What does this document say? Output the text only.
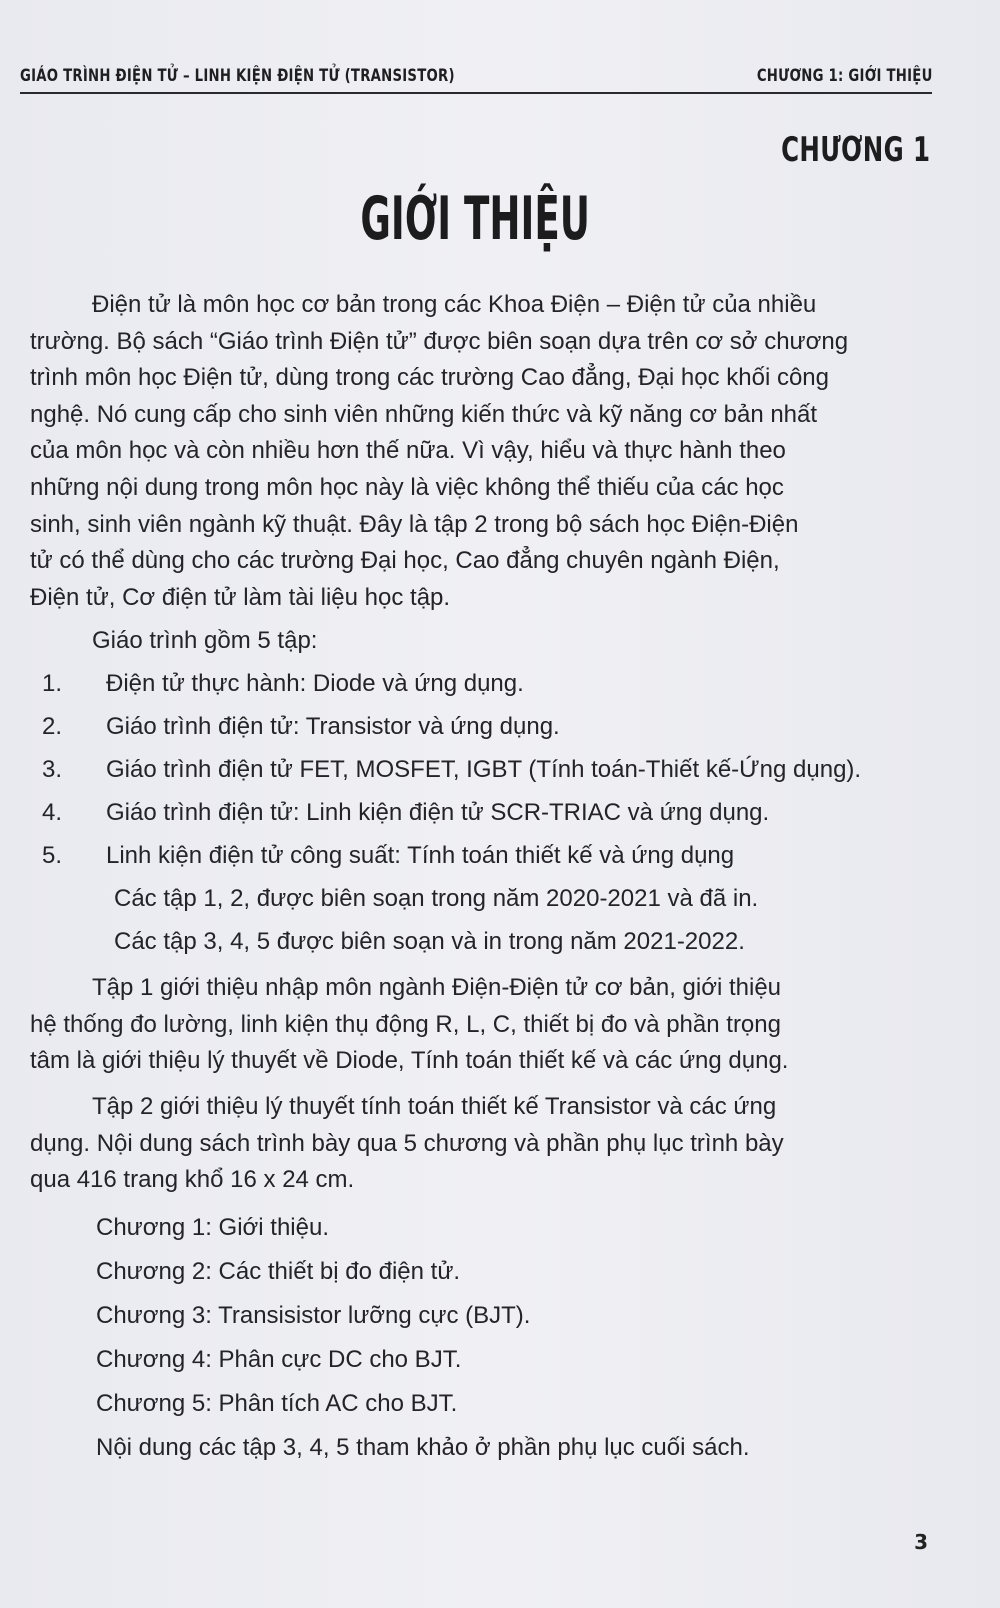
GIÁO TRÌNH ĐIỆN TỬ – LINH KIỆN ĐIỆN TỬ (TRANSISTOR)	CHƯƠNG 1: GIỚI THIỆU
CHƯƠNG 1
GIỚI THIỆU
Điện tử là môn học cơ bản trong các Khoa Điện – Điện tử của nhiều
trường. Bộ sách “Giáo trình Điện tử” được biên soạn dựa trên cơ sở chương
trình môn học Điện tử, dùng trong các trường Cao đẳng, Đại học khối công
nghệ. Nó cung cấp cho sinh viên những kiến thức và kỹ năng cơ bản nhất
của môn học và còn nhiều hơn thế nữa. Vì vậy, hiểu và thực hành theo
những nội dung trong môn học này là việc không thể thiếu của các học
sinh, sinh viên ngành kỹ thuật. Đây là tập 2 trong bộ sách học Điện-Điện
tử có thể dùng cho các trường Đại học, Cao đẳng chuyên ngành Điện,
Điện tử, Cơ điện tử làm tài liệu học tập.
Giáo trình gồm 5 tập:
1. Điện tử thực hành: Diode và ứng dụng.
2. Giáo trình điện tử: Transistor và ứng dụng.
3. Giáo trình điện tử FET, MOSFET, IGBT (Tính toán-Thiết kế-Ứng dụng).
4. Giáo trình điện tử: Linh kiện điện tử SCR-TRIAC và ứng dụng.
5. Linh kiện điện tử công suất: Tính toán thiết kế và ứng dụng
Các tập 1, 2, được biên soạn trong năm 2020-2021 và đã in.
Các tập 3, 4, 5 được biên soạn và in trong năm 2021-2022.
Tập 1 giới thiệu nhập môn ngành Điện-Điện tử cơ bản, giới thiệu
hệ thống đo lường, linh kiện thụ động R, L, C, thiết bị đo và phần trọng
tâm là giới thiệu lý thuyết về Diode, Tính toán thiết kế và các ứng dụng.
Tập 2 giới thiệu lý thuyết tính toán thiết kế Transistor và các ứng
dụng. Nội dung sách trình bày qua 5 chương và phần phụ lục trình bày
qua 416 trang khổ 16 x 24 cm.
Chương 1: Giới thiệu.
Chương 2: Các thiết bị đo điện tử.
Chương 3: Transisistor lưỡng cực (BJT).
Chương 4: Phân cực DC cho BJT.
Chương 5: Phân tích AC cho BJT.
Nội dung các tập 3, 4, 5 tham khảo ở phần phụ lục cuối sách.
3
